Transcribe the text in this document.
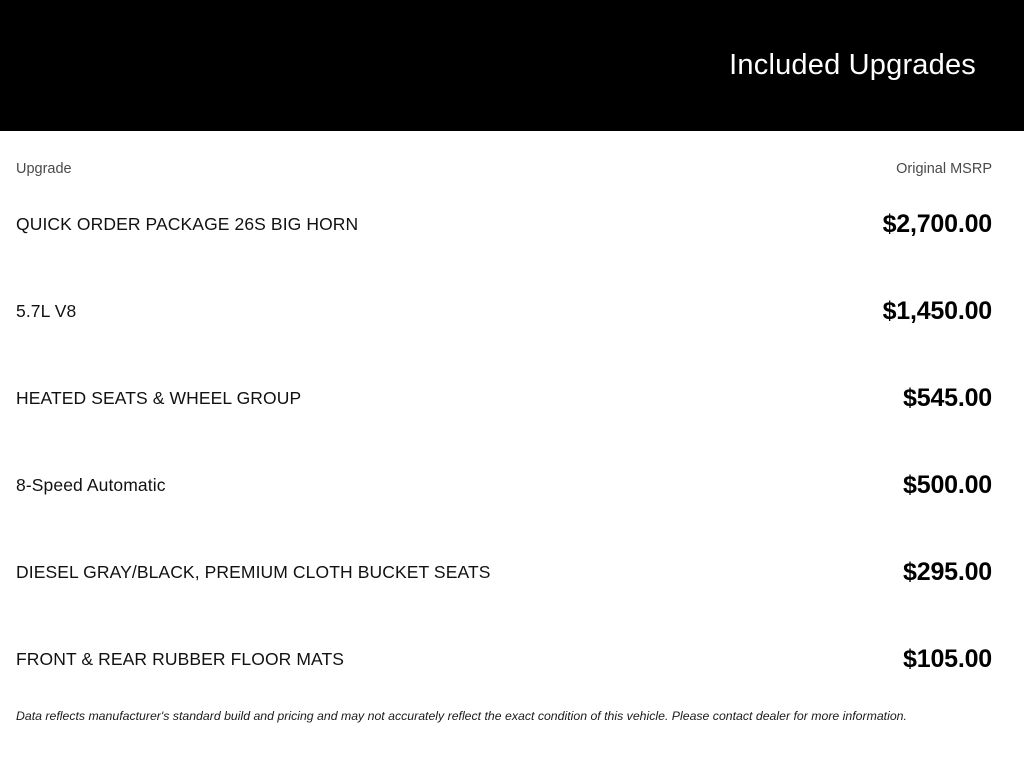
Included Upgrades
Upgrade	Original MSRP
QUICK ORDER PACKAGE 26S BIG HORN	$2,700.00
5.7L V8	$1,450.00
HEATED SEATS & WHEEL GROUP	$545.00
8-Speed Automatic	$500.00
DIESEL GRAY/BLACK, PREMIUM CLOTH BUCKET SEATS	$295.00
FRONT & REAR RUBBER FLOOR MATS	$105.00
Data reflects manufacturer's standard build and pricing and may not accurately reflect the exact condition of this vehicle. Please contact dealer for more information.
